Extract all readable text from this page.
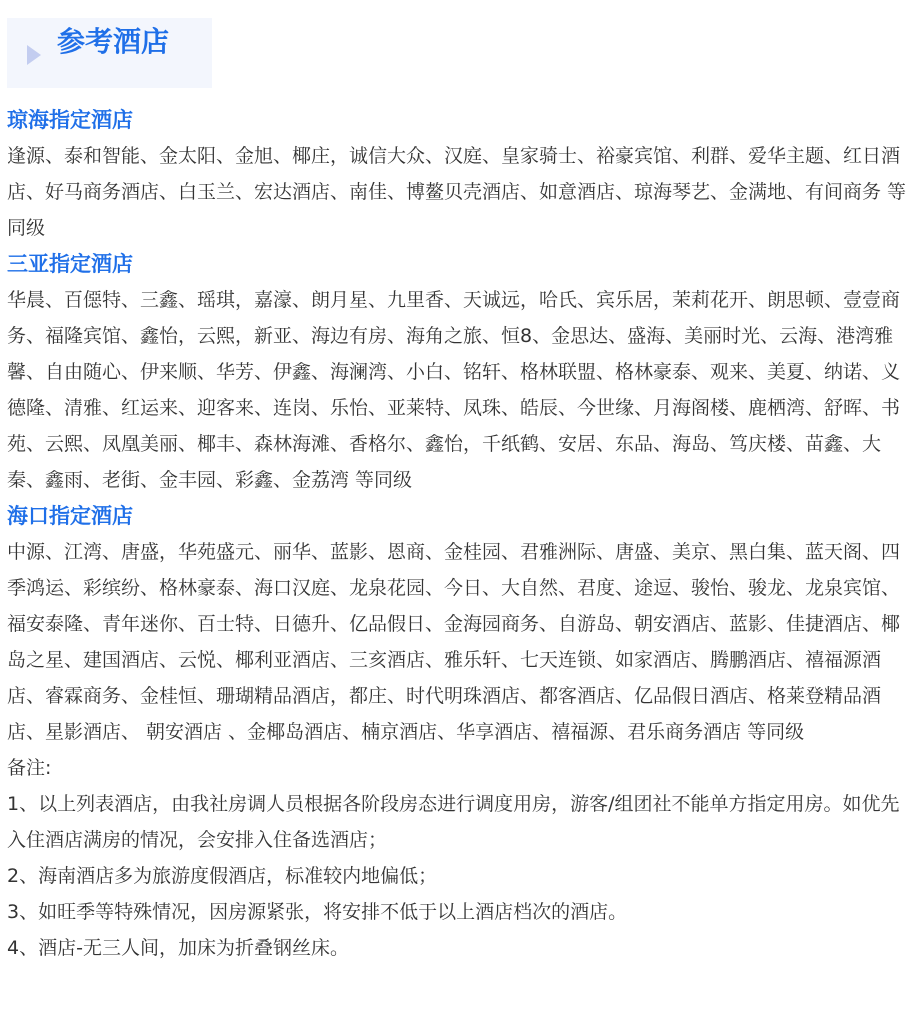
参考酒店
琼海指定酒店

逢源、泰和智能、金太阳、金旭、椰庄，诚信大众、汉庭、皇家骑士、裕豪宾馆、利群、爱华主题、红日酒店、好马商务酒店、白玉兰、宏达酒店、南佳、博鳌贝壳酒店、如意酒店、琼海琴艺、金满地、有间商务 等同级

三亚指定酒店

华晨、百僫特、三鑫、瑶琪，嘉濠、朗月星、九里香、天诚远，哈氏、宾乐居，茉莉花开、朗思顿、壹壹商务、福隆宾馆、鑫怡，云熙，新亚、海边有房、海角之旅、恒8、金思达、盛海、美丽时光、云海、港湾雅馨、自由随心、伊来顺、华芳、伊鑫、海澜湾、小白、铭轩、格林联盟、格林豪泰、观来、美夏、纳诺、义德隆、清雅、红运来、迎客来、连岗、乐怡、亚莱特、凤珠、皓辰、今世缘、月海阁楼、鹿栖湾、舒晖、书苑、云熙、凤凰美丽、椰丰、森林海滩、香格尔、鑫怡，千纸鹤、安居、东品、海岛、笃庆楼、苗鑫、大秦、鑫雨、老街、金丰园、彩鑫、金荔湾 等同级

海口指定酒店

中源、江湾、唐盛，华苑盛元、丽华、蓝影、恩商、金桂园、君雅洲际、唐盛、美京、黑白集、蓝天阁、四季鸿运、彩缤纷、格林豪泰、海口汉庭、龙泉花园、今日、大自然、君度、途逗、骏怡、骏龙、龙泉宾馆、福安泰隆、青年迷你、百士特、日德升、亿品假日、金海园商务、自游岛、朝安酒店、蓝影、佳捷酒店、椰岛之星、建国酒店、云悦、椰利亚酒店、三亥酒店、雅乐轩、七天连锁、如家酒店、腾鹏酒店、禧福源酒店、睿霖商务、金桂恒、珊瑚精品酒店，都庄、时代明珠酒店、都客酒店、亿品假日酒店、格莱登精品酒店、星影酒店、 朝安酒店 、金椰岛酒店、楠京酒店、华享酒店、禧福源、君乐商务酒店 等同级

备注:

1、以上列表酒店，由我社房调人员根据各阶段房态进行调度用房，游客/组团社不能单方指定用房。如优先入住酒店满房的情况，会安排入住备选酒店；

2、海南酒店多为旅游度假酒店，标准较内地偏低；

3、如旺季等特殊情况，因房源紧张，将安排不低于以上酒店档次的酒店。

4、酒店-无三人间，加床为折叠钢丝床。
